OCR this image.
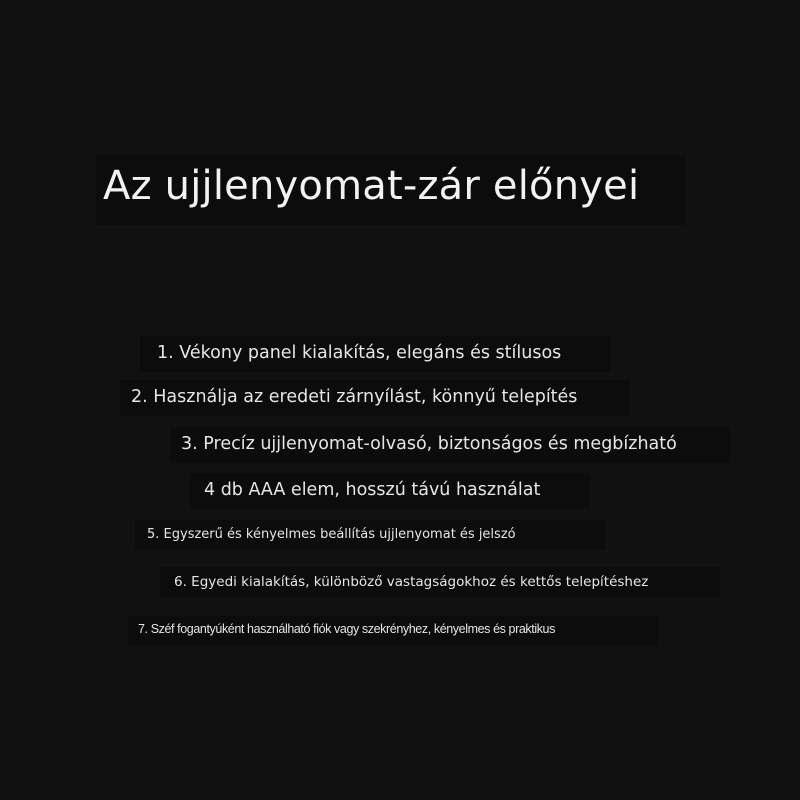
Az ujjlenyomat-zár előnyei
1. Vékony panel kialakítás, elegáns és stílusos
2. Használja az eredeti zárnyílást, könnyű telepítés
3. Precíz ujjlenyomat-olvasó, biztonságos és megbízható
4 db AAA elem, hosszú távú használat
5. Egyszerű és kényelmes beállítás ujjlenyomat és jelszó
6. Egyedi kialakítás, különböző vastagságokhoz és kettős telepítéshez
7. Széf fogantyúként használható fiók vagy szekrényhez, kényelmes és praktikus
